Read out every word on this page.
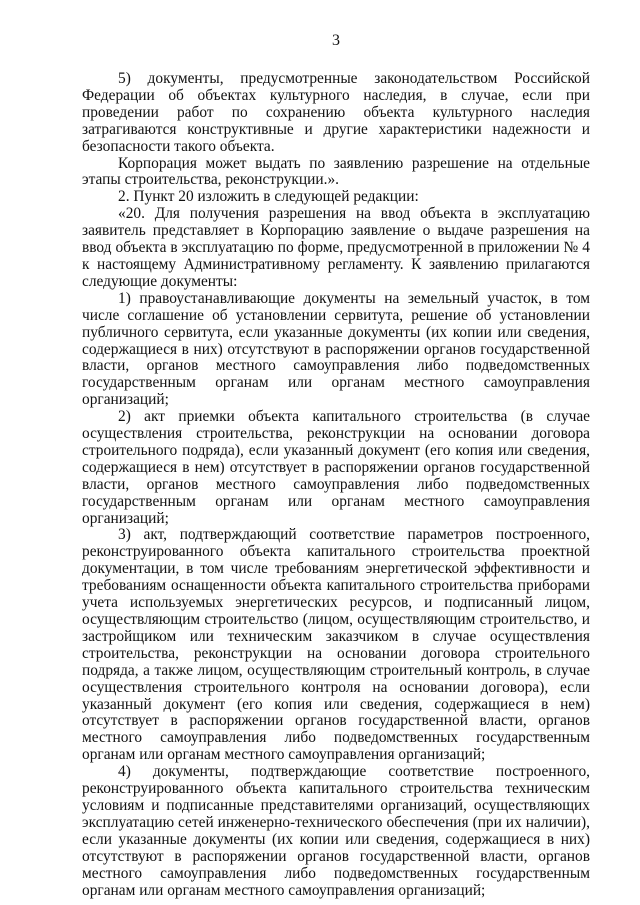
3

5) документы, предусмотренные законодательством Российской Федерации об объектах культурного наследия, в случае, если при проведении работ по сохранению объекта культурного наследия затрагиваются конструктивные и другие характеристики надежности и безопасности такого объекта.

Корпорация может выдать по заявлению разрешение на отдельные этапы строительства, реконструкции.».

2. Пункт 20 изложить в следующей редакции:

«20. Для получения разрешения на ввод объекта в эксплуатацию заявитель представляет в Корпорацию заявление о выдаче разрешения на ввод объекта в эксплуатацию по форме, предусмотренной в приложении № 4 к настоящему Административному регламенту. К заявлению прилагаются следующие документы:

1) правоустанавливающие документы на земельный участок, в том числе соглашение об установлении сервитута, решение об установлении публичного сервитута, если указанные документы (их копии или сведения, содержащиеся в них) отсутствуют в распоряжении органов государственной власти, органов местного самоуправления либо подведомственных государственным органам или органам местного самоуправления организаций;

2) акт приемки объекта капитального строительства (в случае осуществления строительства, реконструкции на основании договора строительного подряда), если указанный документ (его копия или сведения, содержащиеся в нем) отсутствует в распоряжении органов государственной власти, органов местного самоуправления либо подведомственных государственным органам или органам местного самоуправления организаций;

3) акт, подтверждающий соответствие параметров построенного, реконструированного объекта капитального строительства проектной документации, в том числе требованиям энергетической эффективности и требованиям оснащенности объекта капитального строительства приборами учета используемых энергетических ресурсов, и подписанный лицом, осуществляющим строительство (лицом, осуществляющим строительство, и застройщиком или техническим заказчиком в случае осуществления строительства, реконструкции на основании договора строительного подряда, а также лицом, осуществляющим строительный контроль, в случае осуществления строительного контроля на основании договора), если указанный документ (его копия или сведения, содержащиеся в нем) отсутствует в распоряжении органов государственной власти, органов местного самоуправления либо подведомственных государственным органам или органам местного самоуправления организаций;

4) документы, подтверждающие соответствие построенного, реконструированного объекта капитального строительства техническим условиям и подписанные представителями организаций, осуществляющих эксплуатацию сетей инженерно-технического обеспечения (при их наличии), если указанные документы (их копии или сведения, содержащиеся в них) отсутствуют в распоряжении органов государственной власти, органов местного самоуправления либо подведомственных государственным органам или органам местного самоуправления организаций;
